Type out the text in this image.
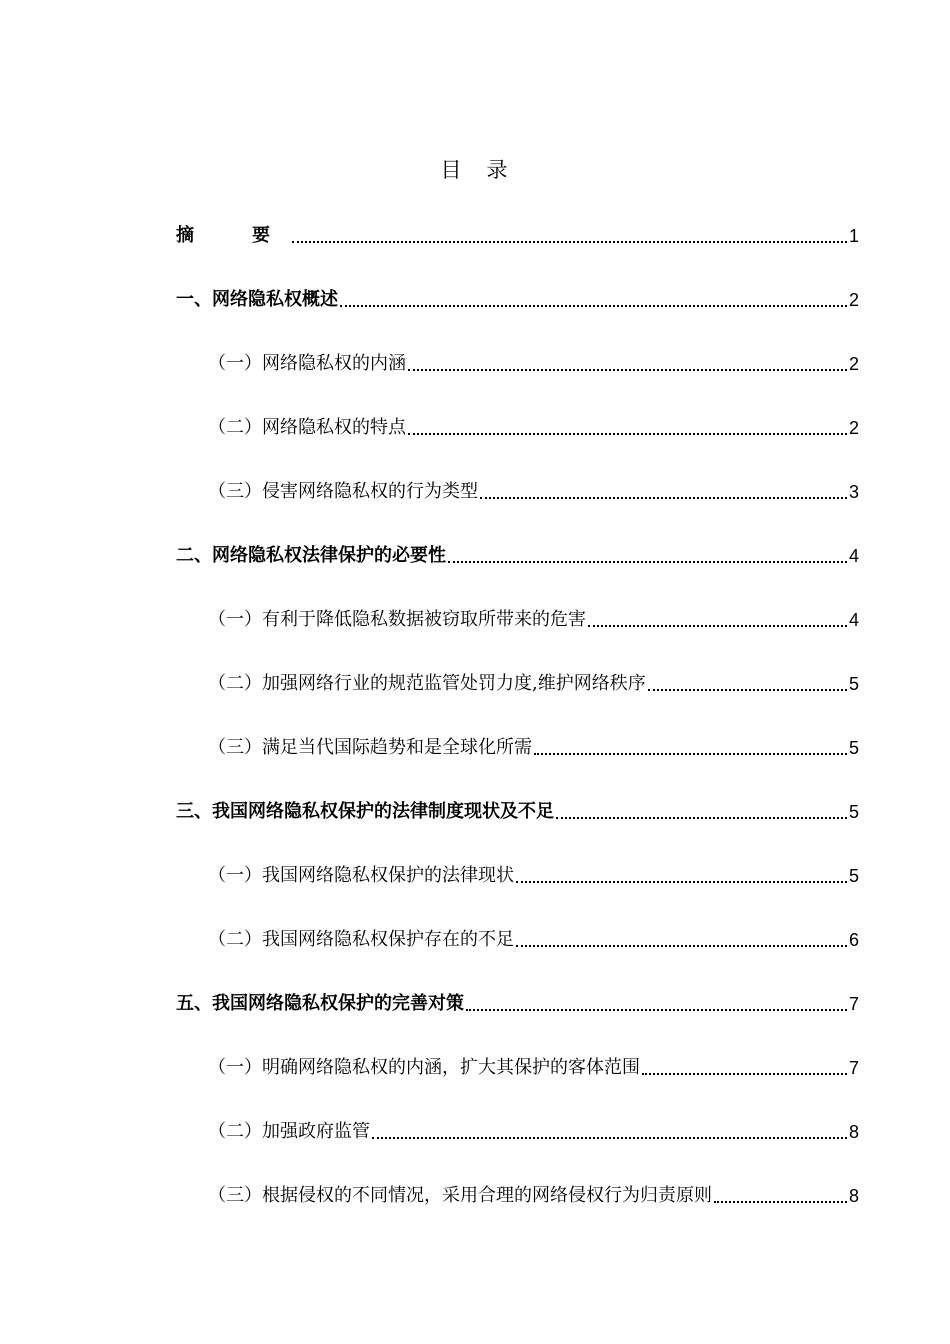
目　录
摘　要	1
一、网络隐私权概述	2
（一）网络隐私权的内涵	2
（二）网络隐私权的特点	2
（三）侵害网络隐私权的行为类型	3
二、网络隐私权法律保护的必要性	4
（一）有利于降低隐私数据被窃取所带来的危害	4
（二）加强网络行业的规范监管处罚力度,维护网络秩序	5
（三）满足当代国际趋势和是全球化所需	5
三、我国网络隐私权保护的法律制度现状及不足	5
（一）我国网络隐私权保护的法律现状	5
（二）我国网络隐私权保护存在的不足	6
五、我国网络隐私权保护的完善对策	7
（一）明确网络隐私权的内涵，扩大其保护的客体范围	7
（二）加强政府监管	8
（三）根据侵权的不同情况，采用合理的网络侵权行为归责原则	8
